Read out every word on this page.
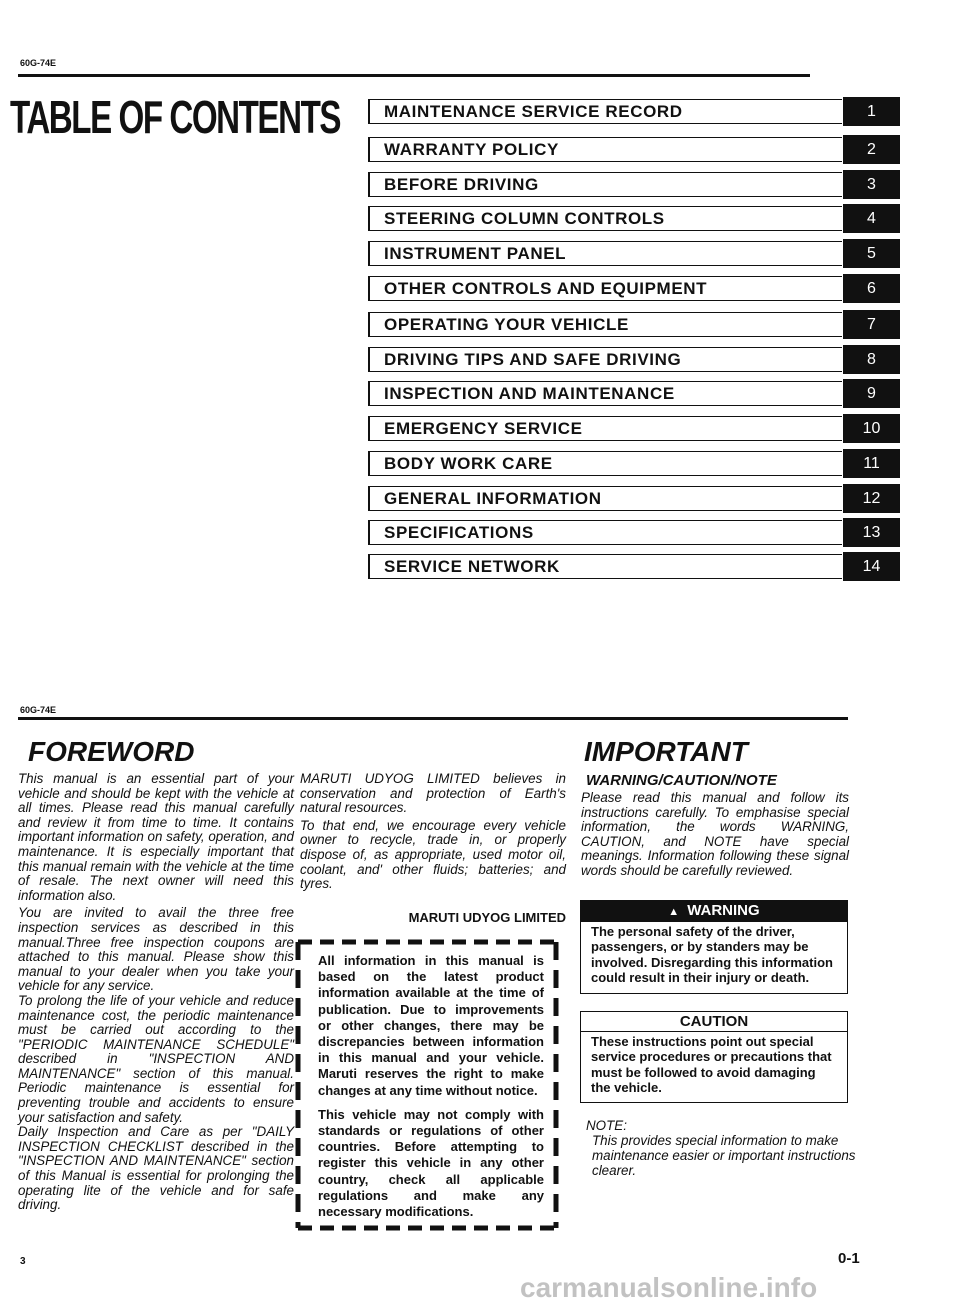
60G-74E
TABLE OF CONTENTS	MAINTENANCE SERVICE RECORD	1
WARRANTY POLICY	2
BEFORE DRIVING	3
STEERING COLUMN CONTROLS	4
INSTRUMENT PANEL	5
OTHER CONTROLS AND EQUIPMENT	6
OPERATING YOUR VEHICLE	7
DRIVING TIPS AND SAFE DRIVING	8
INSPECTION AND MAINTENANCE	9
EMERGENCY SERVICE	10
BODY WORK CARE	11
GENERAL INFORMATION	12
SPECIFICATIONS	13
SERVICE NETWORK	14
60G-74E
FOREWORD
This manual is an essential part of your vehicle and should be kept with the vehicle at all times. Please read this manual carefully and review it from time to time. It contains important information on safety, operation, and maintenance. It is especially important that this manual remain with the vehicle at the time of resale. The next owner will need this information also.
You are invited to avail the three free inspection services as described in this manual.Three free inspection coupons are attached to this manual. Please show this manual to your dealer when you take your vehicle for any service.
To prolong the life of your vehicle and reduce maintenance cost, the periodic maintenance must be carried out according to the "PERIODIC MAINTENANCE SCHEDULE" described in "INSPECTION AND MAINTENANCE" section of this manual. Periodic maintenance is essential for preventing trouble and accidents to ensure your satisfaction and safety.
Daily Inspection and Care as per "DAILY INSPECTION CHECKLIST described in the "INSPECTION AND MAINTENANCE" section of this Manual is essential for prolonging the operating lite of the vehicle and for safe driving.
MARUTI UDYOG LIMITED believes in conservation and protection of Earth's natural resources.
To that end, we encourage every vehicle owner to recycle, trade in, or properly dispose of, as appropriate, used motor oil, coolant, and' other fluids; batteries; and tyres.
MARUTI UDYOG LIMITED
All information in this manual is based on the latest product information available at the time of publication. Due to improvements or other changes, there may be discrepancies between information in this manual and your vehicle. Maruti reserves the right to make changes at any time without notice.
This vehicle may not comply with standards or regulations of other countries. Before attempting to register this vehicle in any other country, check all applicable regulations and make any necessary modifications.
IMPORTANT
WARNING/CAUTION/NOTE
Please read this manual and follow its instructions carefully. To emphasise special information, the words WARNING, CAUTION, and NOTE have special meanings. Information following these signal words should be carefully reviewed.
▲ WARNING
The personal safety of the driver, passengers, or by standers may be involved. Disregarding this information could result in their injury or death.
CAUTION
These instructions point out special service procedures or precautions that must be followed to avoid damaging the vehicle.
NOTE:
This provides special information to make maintenance easier or important instructions clearer.
3	0-1
carmanualsonline.info
